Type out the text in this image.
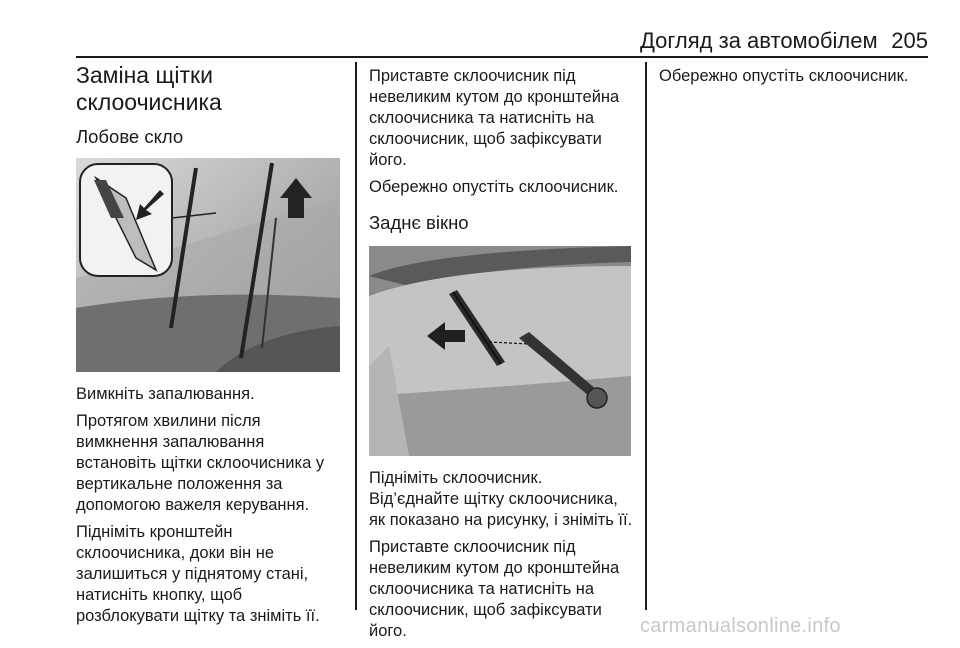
Догляд за автомобілем 205
Заміна щітки
склоочисника
Лобове скло

Вимкніть запалювання.

Протягом хвилини після вимкнення запалювання встановіть щітки склоочисника у вертикальне положення за допомогою важеля керування.

Підніміть кронштейн склоочисника, доки він не залишиться у піднятому стані, натисніть кнопку, щоб розблокувати щітку та зніміть її.

Приставте склоочисник під невеликим кутом до кронштейна склоочисника та натисніть на склоочисник, щоб зафіксувати його.

Обережно опустіть склоочисник.

Заднє вікно

Підніміть склоочисник. Від’єднайте щітку склоочисника, як показано на рисунку, і зніміть її.

Приставте склоочисник під невеликим кутом до кронштейна склоочисника та натисніть на склоочисник, щоб зафіксувати його.

Обережно опустіть склоочисник.

carmanualsonline.info
